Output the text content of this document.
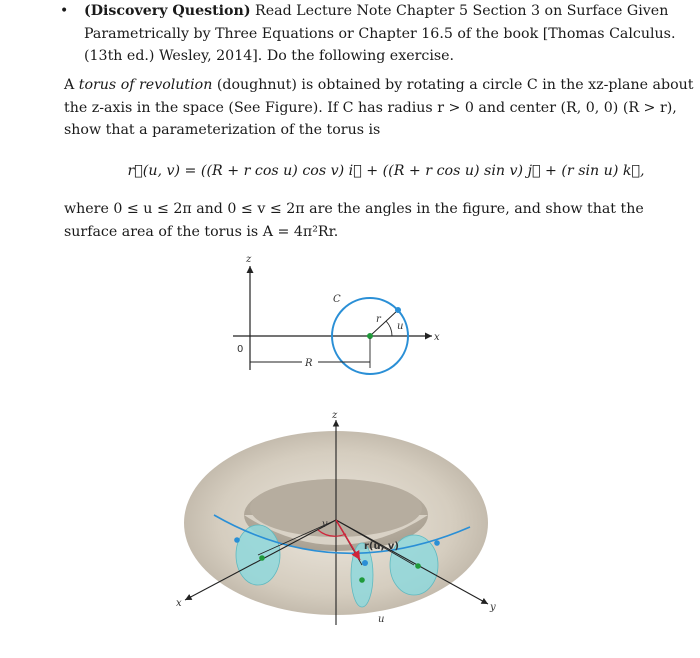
•	(Discovery Question) Read Lecture Note Chapter 5 Section 3 on Surface Given Parametrically by Three Equations or Chapter 16.5 of the book [Thomas Calculus.(13th ed.) Wesley, 2014]. Do the following exercise.
A torus of revolution (doughnut) is obtained by rotating a circle C in the xz-plane about the z-axis in the space (See Figure). If C has radius r > 0 and center (R, 0, 0) (R > r), show that a parameterization of the torus is
r⃗(u, v) = ((R + r cos u) cos v) i⃗ + ((R + r cos u) sin v) j⃗ + (r sin u) k⃗,
where 0 ≤ u ≤ 2π and 0 ≤ v ≤ 2π are the angles in the figure, and show that the surface area of the torus is A = 4π²Rr.
z
x
0
C
r
u
R
z
x	y
v
r(u, v)
u
